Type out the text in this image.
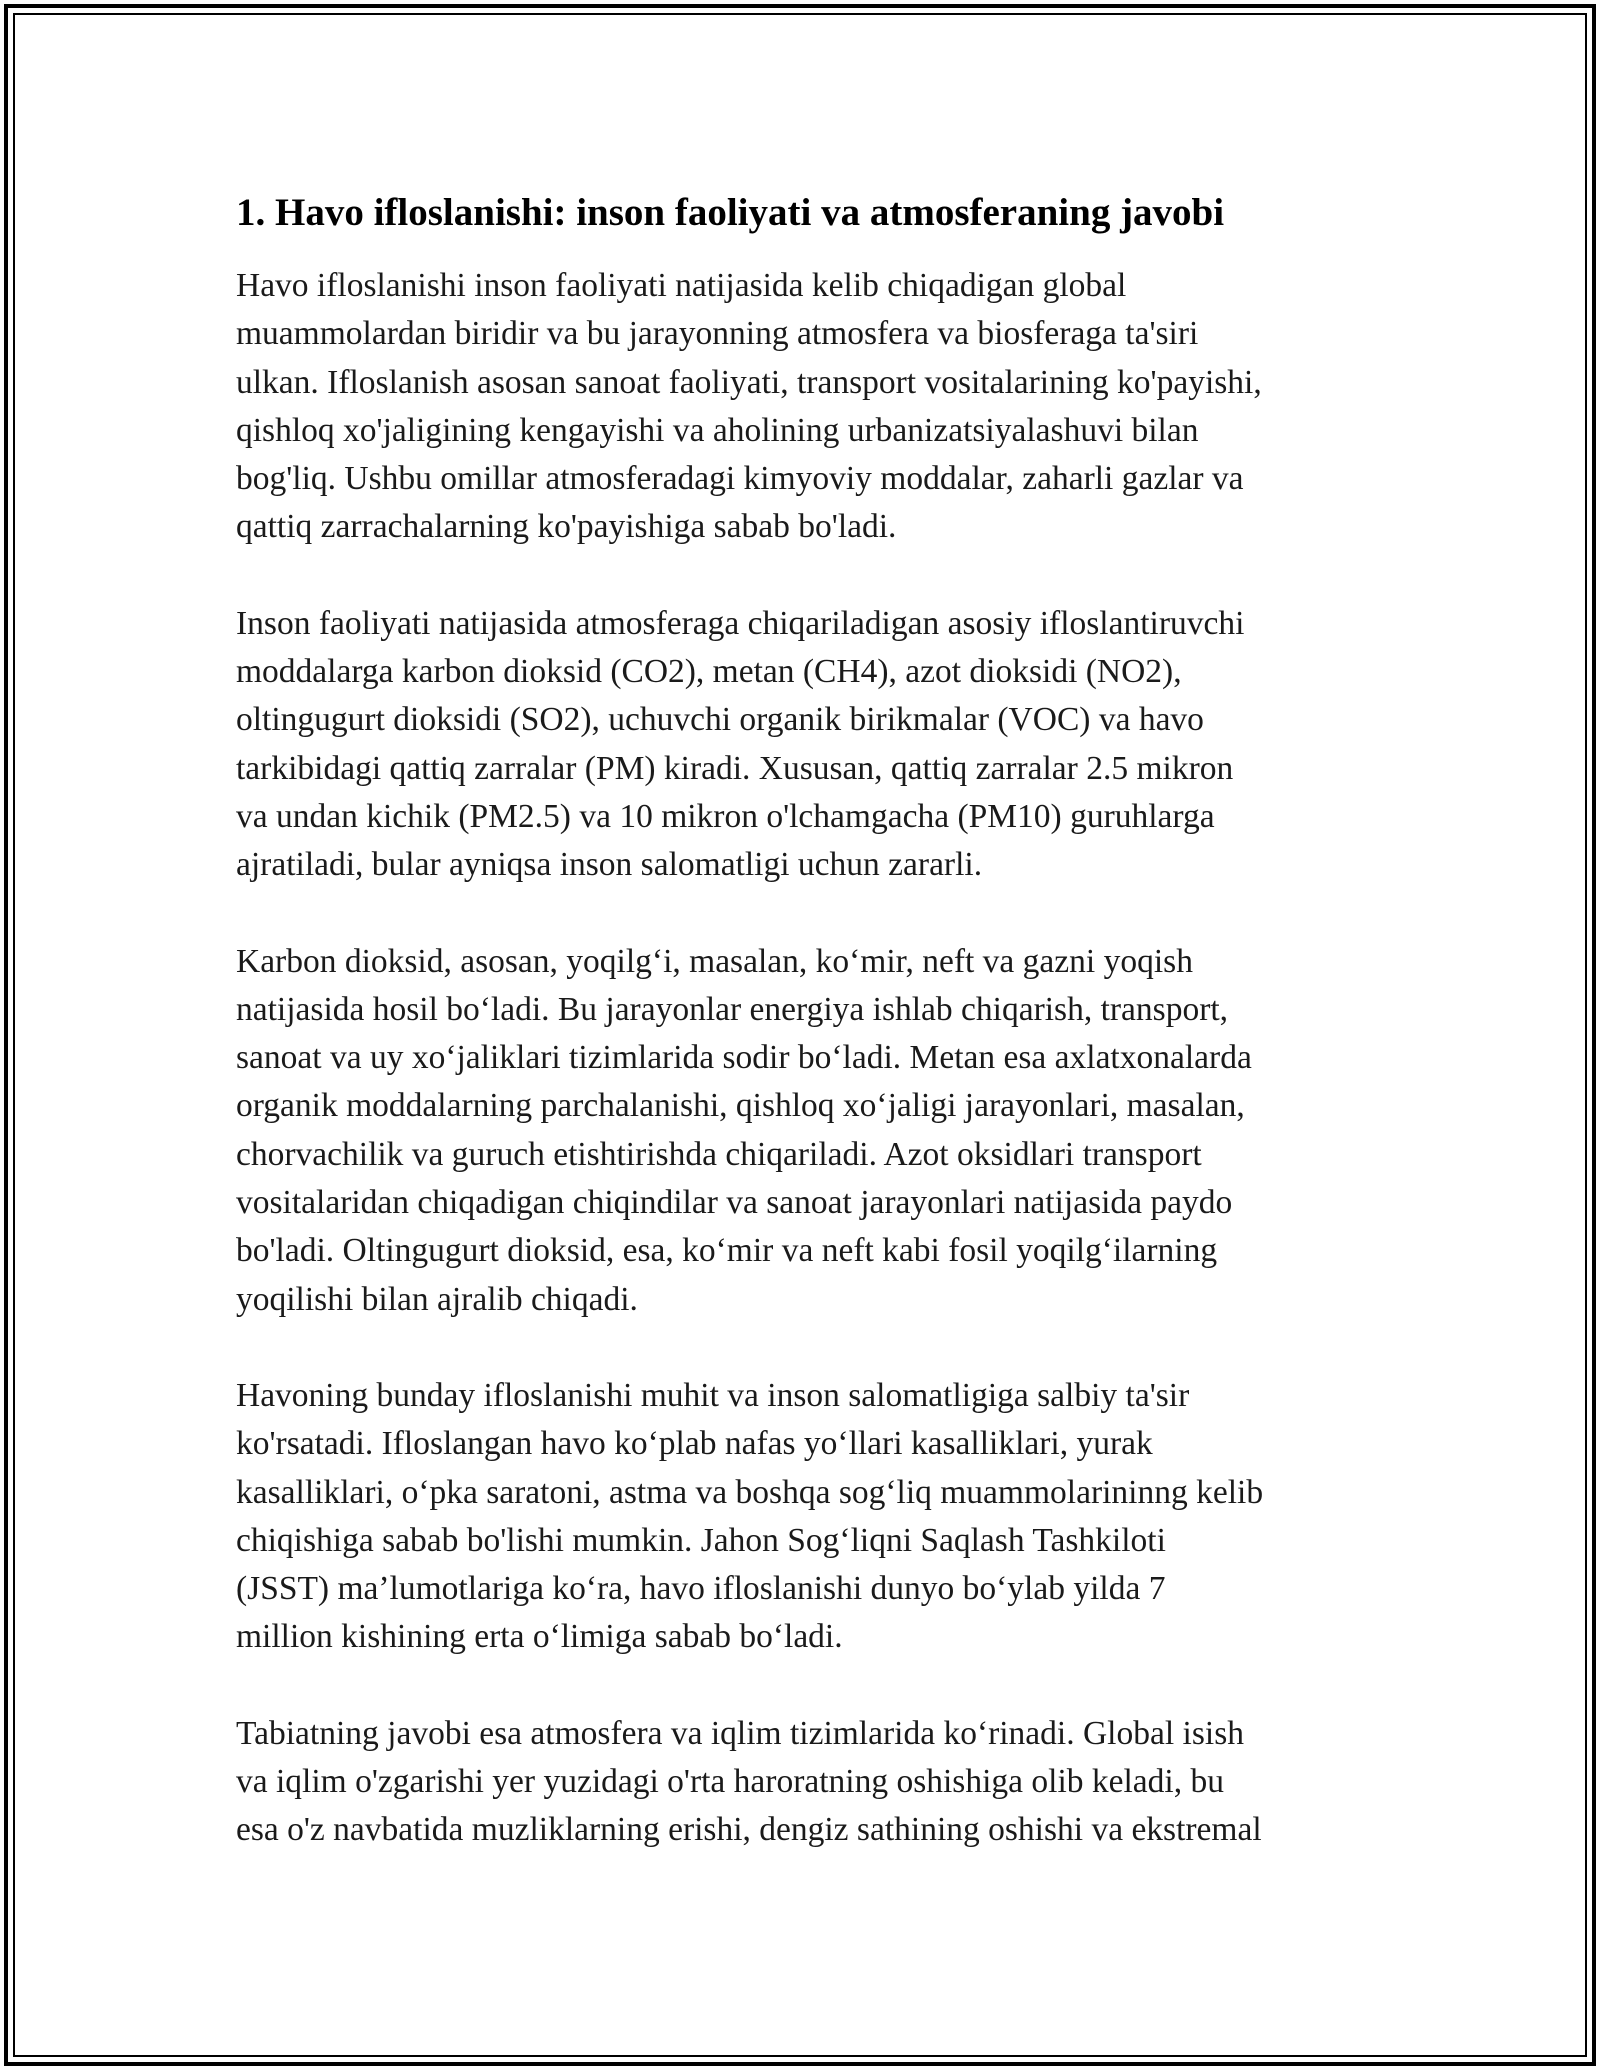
1. Havo ifloslanishi: inson faoliyati va atmosferaning javobi

Havo ifloslanishi inson faoliyati natijasida kelib chiqadigan global
muammolardan biridir va bu jarayonning atmosfera va biosferaga ta'siri
ulkan. Ifloslanish asosan sanoat faoliyati, transport vositalarining ko'payishi,
qishloq xo'jaligining kengayishi va aholining urbanizatsiyalashuvi bilan
bog'liq. Ushbu omillar atmosferadagi kimyoviy moddalar, zaharli gazlar va
qattiq zarrachalarning ko'payishiga sabab bo'ladi.

Inson faoliyati natijasida atmosferaga chiqariladigan asosiy ifloslantiruvchi
moddalarga karbon dioksid (CO2), metan (CH4), azot dioksidi (NO2),
oltingugurt dioksidi (SO2), uchuvchi organik birikmalar (VOC) va havo
tarkibidagi qattiq zarralar (PM) kiradi. Xususan, qattiq zarralar 2.5 mikron
va undan kichik (PM2.5) va 10 mikron o'lchamgacha (PM10) guruhlarga
ajratiladi, bular ayniqsa inson salomatligi uchun zararli.

Karbon dioksid, asosan, yoqilg‘i, masalan, ko‘mir, neft va gazni yoqish
natijasida hosil bo‘ladi. Bu jarayonlar energiya ishlab chiqarish, transport,
sanoat va uy xo‘jaliklari tizimlarida sodir bo‘ladi. Metan esa axlatxonalarda
organik moddalarning parchalanishi, qishloq xo‘jaligi jarayonlari, masalan,
chorvachilik va guruch etishtirishda chiqariladi. Azot oksidlari transport
vositalaridan chiqadigan chiqindilar va sanoat jarayonlari natijasida paydo
bo'ladi. Oltingugurt dioksid, esa, ko‘mir va neft kabi fosil yoqilg‘ilarning
yoqilishi bilan ajralib chiqadi.

Havoning bunday ifloslanishi muhit va inson salomatligiga salbiy ta'sir
ko'rsatadi. Ifloslangan havo ko‘plab nafas yo‘llari kasalliklari, yurak
kasalliklari, o‘pka saratoni, astma va boshqa sog‘liq muammolarininng kelib
chiqishiga sabab bo'lishi mumkin. Jahon Sog‘liqni Saqlash Tashkiloti
(JSST) ma’lumotlariga ko‘ra, havo ifloslanishi dunyo bo‘ylab yilda 7
million kishining erta o‘limiga sabab bo‘ladi.

Tabiatning javobi esa atmosfera va iqlim tizimlarida ko‘rinadi. Global isish
va iqlim o'zgarishi yer yuzidagi o'rta haroratning oshishiga olib keladi, bu
esa o'z navbatida muzliklarning erishi, dengiz sathining oshishi va ekstremal
